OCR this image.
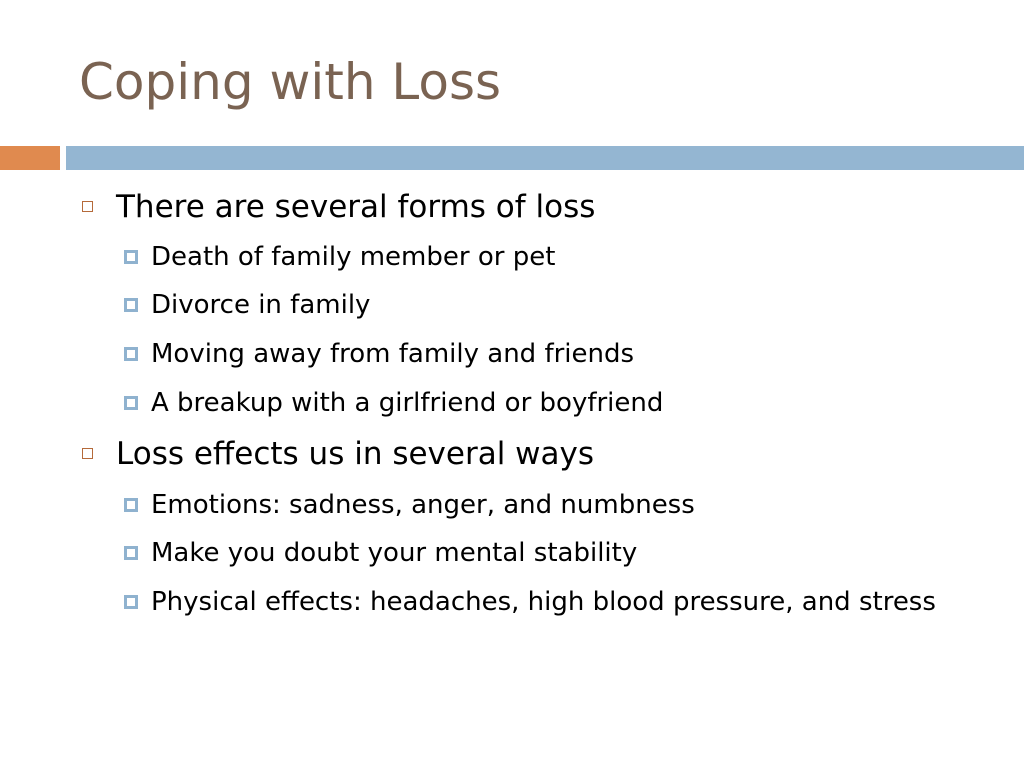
Coping with Loss
There are several forms of loss
Death of family member or pet
Divorce in family
Moving away from family and friends
A breakup with a girlfriend or boyfriend
Loss effects us in several ways
Emotions: sadness, anger, and numbness
Make you doubt your mental stability
Physical effects: headaches, high blood pressure, and stress
